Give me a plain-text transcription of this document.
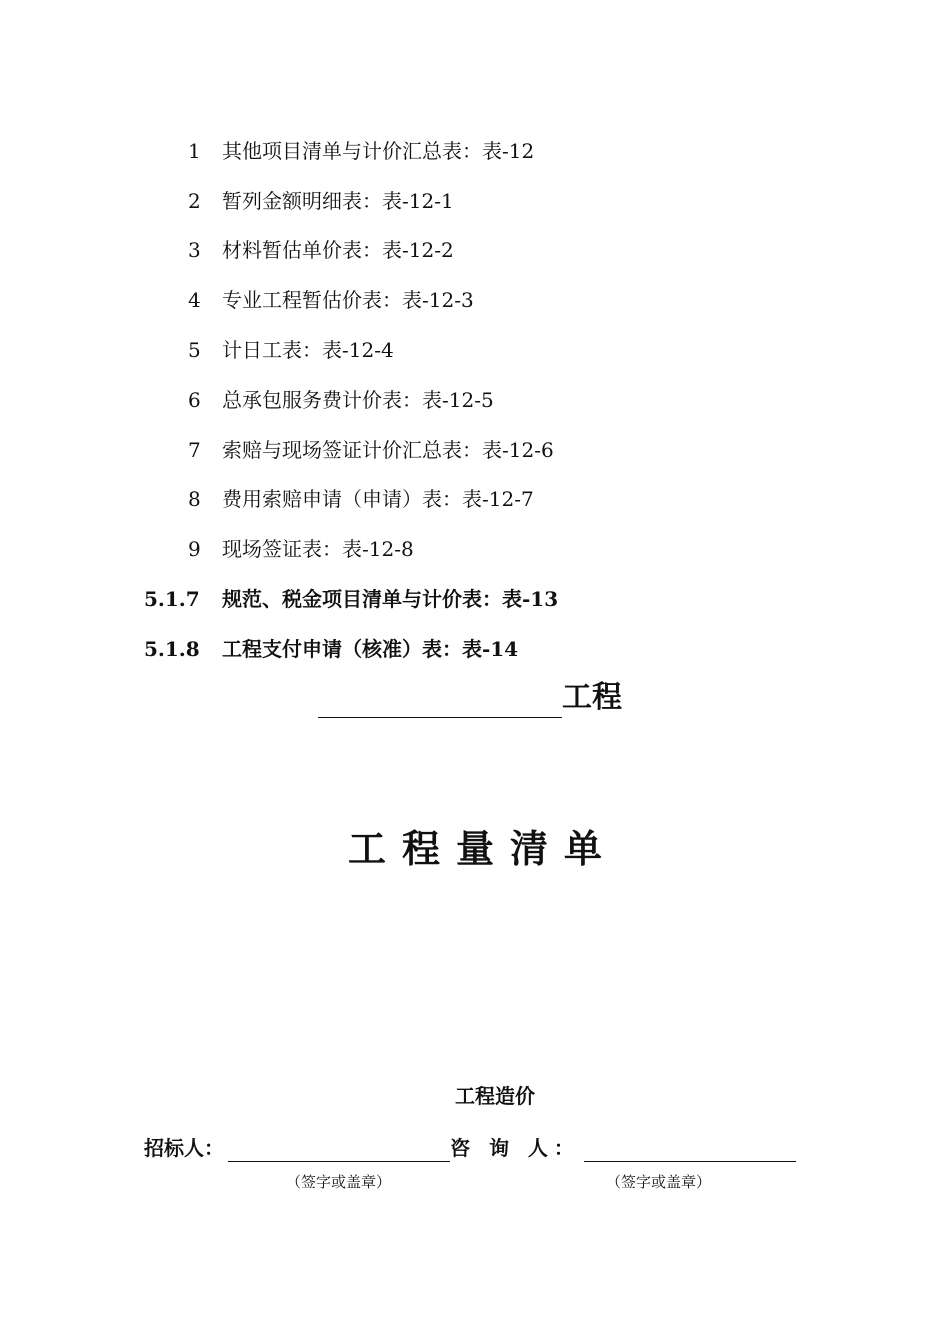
1 其他项目清单与计价汇总表：表-12
2 暂列金额明细表：表-12-1
3 材料暂估单价表：表-12-2
4 专业工程暂估价表：表-12-3
5 计日工表：表-12-4
6 总承包服务费计价表：表-12-5
7 索赔与现场签证计价汇总表：表-12-6
8 费用索赔申请（申请）表：表-12-7
9 现场签证表：表-12-8
5.1.7 规范、税金项目清单与计价表：表-13
5.1.8 工程支付申请（核准）表：表-14
工程
工程量清单
工程造价
招标人：	咨 询 人：
（签字或盖章）	（签字或盖章）
